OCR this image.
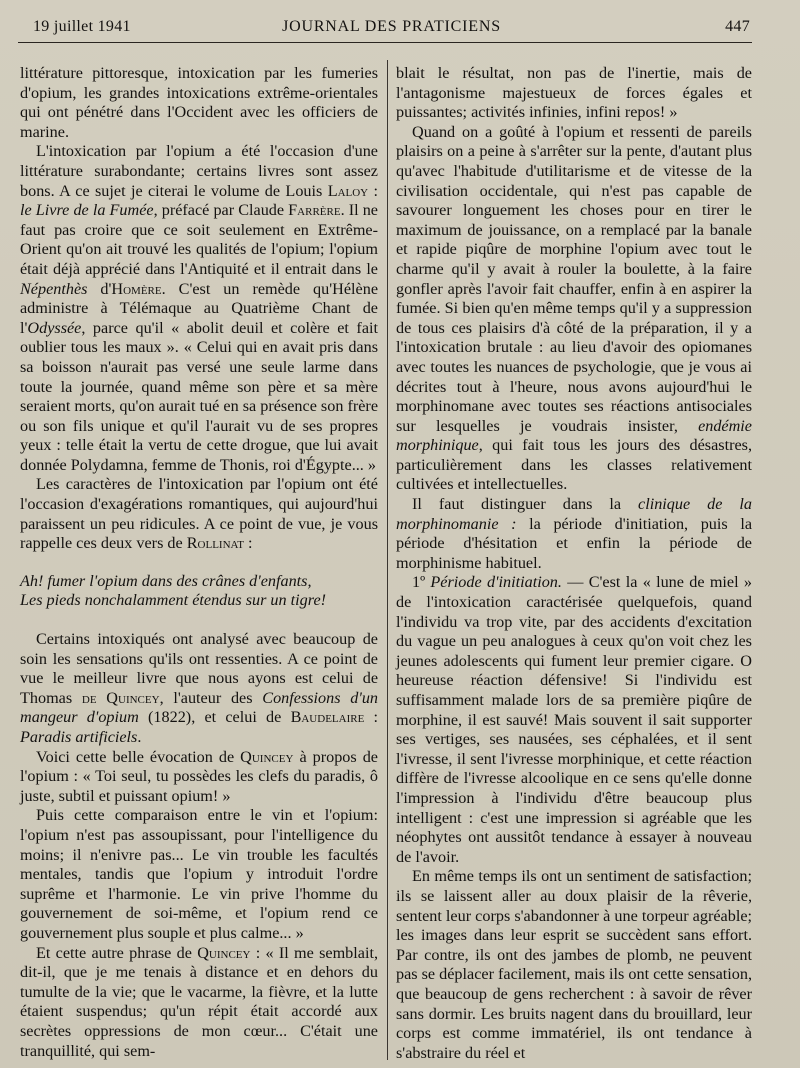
19 juillet 1941	JOURNAL DES PRATICIENS	447

littérature pittoresque, intoxication par les fumeries d'opium, les grandes intoxications extrême-orientales qui ont pénétré dans l'Occident avec les officiers de marine.

L'intoxication par l'opium a été l'occasion d'une littérature surabondante; certains livres sont assez bons. A ce sujet je citerai le volume de Louis Laloy : le Livre de la Fumée, préfacé par Claude Farrère. Il ne faut pas croire que ce soit seulement en Extrême-Orient qu'on ait trouvé les qualités de l'opium; l'opium était déjà apprécié dans l'Antiquité et il entrait dans le Népenthès d'Homère. C'est un remède qu'Hélène administre à Télémaque au Quatrième Chant de l'Odyssée, parce qu'il « abolit deuil et colère et fait oublier tous les maux ». « Celui qui en avait pris dans sa boisson n'aurait pas versé une seule larme dans toute la journée, quand même son père et sa mère seraient morts, qu'on aurait tué en sa présence son frère ou son fils unique et qu'il l'aurait vu de ses propres yeux : telle était la vertu de cette drogue, que lui avait donnée Polydamna, femme de Thonis, roi d'Égypte... »

Les caractères de l'intoxication par l'opium ont été l'occasion d'exagérations romantiques, qui aujourd'hui paraissent un peu ridicules. A ce point de vue, je vous rappelle ces deux vers de Rollinat :

Ah! fumer l'opium dans des crânes d'enfants,
Les pieds nonchalamment étendus sur un tigre!

Certains intoxiqués ont analysé avec beaucoup de soin les sensations qu'ils ont ressenties. A ce point de vue le meilleur livre que nous ayons est celui de Thomas de Quincey, l'auteur des Confessions d'un mangeur d'opium (1822), et celui de Baudelaire : Paradis artificiels.

Voici cette belle évocation de Quincey à propos de l'opium : « Toi seul, tu possèdes les clefs du paradis, ô juste, subtil et puissant opium! »

Puis cette comparaison entre le vin et l'opium: l'opium n'est pas assoupissant, pour l'intelligence du moins; il n'enivre pas... Le vin trouble les facultés mentales, tandis que l'opium y introduit l'ordre suprême et l'harmonie. Le vin prive l'homme du gouvernement de soi-même, et l'opium rend ce gouvernement plus souple et plus calme... »

Et cette autre phrase de Quincey : « Il me semblait, dit-il, que je me tenais à distance et en dehors du tumulte de la vie; que le vacarme, la fièvre, et la lutte étaient suspendus; qu'un répit était accordé aux secrètes oppressions de mon cœur... C'était une tranquillité, qui sem-

blait le résultat, non pas de l'inertie, mais de l'antagonisme majestueux de forces égales et puissantes; activités infinies, infini repos! »

Quand on a goûté à l'opium et ressenti de pareils plaisirs on a peine à s'arrêter sur la pente, d'autant plus qu'avec l'habitude d'utilitarisme et de vitesse de la civilisation occidentale, qui n'est pas capable de savourer longuement les choses pour en tirer le maximum de jouissance, on a remplacé par la banale et rapide piqûre de morphine l'opium avec tout le charme qu'il y avait à rouler la boulette, à la faire gonfler après l'avoir fait chauffer, enfin à en aspirer la fumée. Si bien qu'en même temps qu'il y a suppression de tous ces plaisirs d'à côté de la préparation, il y a l'intoxication brutale : au lieu d'avoir des opiomanes avec toutes les nuances de psychologie, que je vous ai décrites tout à l'heure, nous avons aujourd'hui le morphinomane avec toutes ses réactions antisociales sur lesquelles je voudrais insister, endémie morphinique, qui fait tous les jours des désastres, particulièrement dans les classes relativement cultivées et intellectuelles.

Il faut distinguer dans la clinique de la morphinomanie : la période d'initiation, puis la période d'hésitation et enfin la période de morphinisme habituel.

1º Période d'initiation. — C'est la « lune de miel » de l'intoxication caractérisée quelquefois, quand l'individu va trop vite, par des accidents d'excitation du vague un peu analogues à ceux qu'on voit chez les jeunes adolescents qui fument leur premier cigare. O heureuse réaction défensive! Si l'individu est suffisamment malade lors de sa première piqûre de morphine, il est sauvé! Mais souvent il sait supporter ses vertiges, ses nausées, ses céphalées, et il sent l'ivresse, il sent l'ivresse morphinique, et cette réaction diffère de l'ivresse alcoolique en ce sens qu'elle donne l'impression à l'individu d'être beaucoup plus intelligent : c'est une impression si agréable que les néophytes ont aussitôt tendance à essayer à nouveau de l'avoir.

En même temps ils ont un sentiment de satisfaction; ils se laissent aller au doux plaisir de la rêverie, sentent leur corps s'abandonner à une torpeur agréable; les images dans leur esprit se succèdent sans effort. Par contre, ils ont des jambes de plomb, ne peuvent pas se déplacer facilement, mais ils ont cette sensation, que beaucoup de gens recherchent : à savoir de rêver sans dormir. Les bruits nagent dans du brouillard, leur corps est comme immatériel, ils ont tendance à s'abstraire du réel et
